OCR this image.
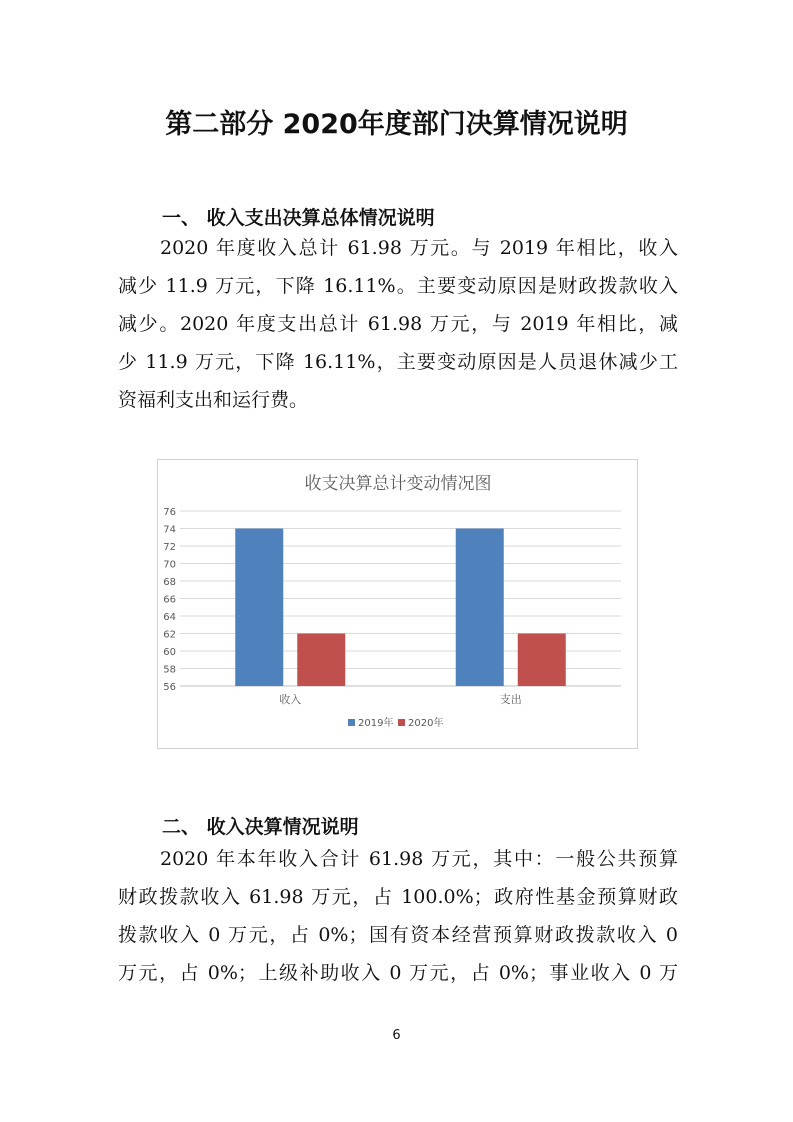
第二部分 2020年度部门决算情况说明
一、 收入支出决算总体情况说明
2020 年度收入总计 61.98 万元。与 2019 年相比，收入
减少 11.9 万元，下降 16.11%。主要变动原因是财政拨款收入
减少。2020 年度支出总计 61.98 万元，与 2019 年相比，减
少 11.9 万元，下降 16.11%，主要变动原因是人员退休减少工
资福利支出和运行费。
收支决算总计变动情况图
56
58
60
62
64
66
68
70
72
74
76
收入	支出
2019年 2020年
二、 收入决算情况说明
2020 年本年收入合计 61.98 万元，其中：一般公共预算
财政拨款收入 61.98 万元，占 100.0%；政府性基金预算财政
拨款收入 0 万元，占 0%；国有资本经营预算财政拨款收入 0
万元，占 0%；上级补助收入 0 万元，占 0%；事业收入 0 万
6
